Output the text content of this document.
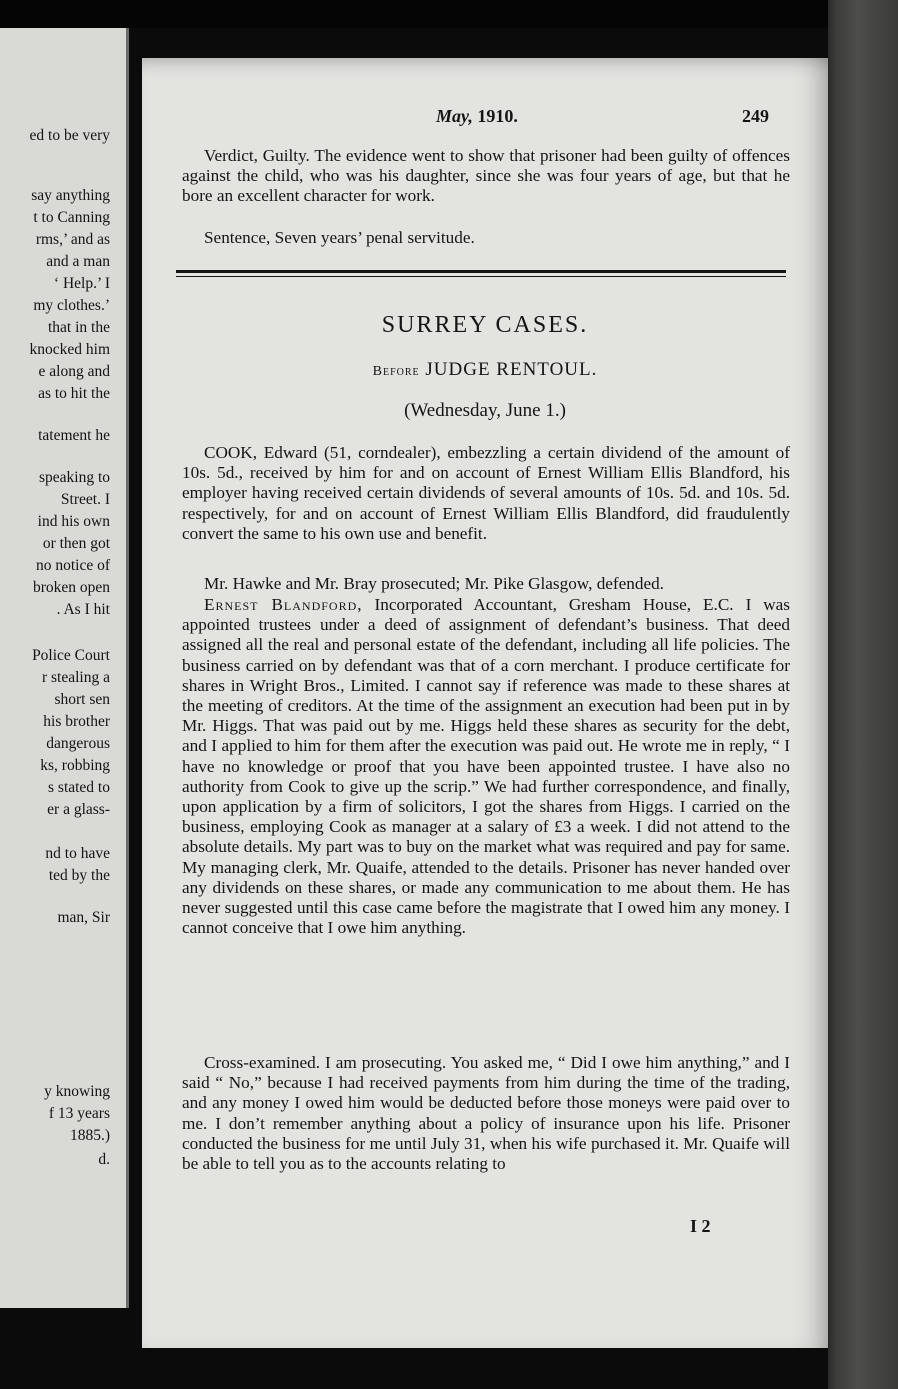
ed to be very
say anything
t to Canning
rms,’ and as
and a man
‘ Help.’ I
my clothes.’
that in the
knocked him
e along and
as to hit the
tatement he
speaking to
Street. I
ind his own
or then got
no notice of
broken open
. As I hit
Police Court
r stealing a
short sen
his brother
dangerous
ks, robbing
s stated to
er a glass-
nd to have
ted by the
man, Sir
y knowing
f 13 years
1885.)
d.
May, 1910.	249

Verdict, Guilty. The evidence went to show that prisoner had been guilty of offences against the child, who was his daughter, since she was four years of age, but that he bore an excellent character for work.

Sentence, Seven years’ penal servitude.

SURREY CASES.
Before JUDGE RENTOUL.
(Wednesday, June 1.)

COOK, Edward (51, corndealer), embezzling a certain dividend of the amount of 10s. 5d., received by him for and on account of Ernest William Ellis Blandford, his employer having received certain dividends of several amounts of 10s. 5d. and 10s. 5d. respectively, for and on account of Ernest William Ellis Blandford, did fraudulently convert the same to his own use and benefit.

Mr. Hawke and Mr. Bray prosecuted; Mr. Pike Glasgow, defended.

Ernest Blandford, Incorporated Accountant, Gresham House, E.C. I was appointed trustees under a deed of assignment of defendant’s business. That deed assigned all the real and personal estate of the defendant, including all life policies. The business carried on by defendant was that of a corn merchant. I produce certificate for shares in Wright Bros., Limited. I cannot say if reference was made to these shares at the meeting of creditors. At the time of the assignment an execution had been put in by Mr. Higgs. That was paid out by me. Higgs held these shares as security for the debt, and I applied to him for them after the execution was paid out. He wrote me in reply, “ I have no knowledge or proof that you have been appointed trustee. I have also no authority from Cook to give up the scrip.” We had further correspondence, and finally, upon application by a firm of solicitors, I got the shares from Higgs. I carried on the business, employing Cook as manager at a salary of £3 a week. I did not attend to the absolute details. My part was to buy on the market what was required and pay for same. My managing clerk, Mr. Quaife, attended to the details. Prisoner has never handed over any dividends on these shares, or made any communication to me about them. He has never suggested until this case came before the magistrate that I owed him any money. I cannot conceive that I owe him anything.

Cross-examined. I am prosecuting. You asked me, “ Did I owe him anything,” and I said “ No,” because I had received payments from him during the time of the trading, and any money I owed him would be deducted before those moneys were paid over to me. I don’t remember anything about a policy of insurance upon his life. Prisoner conducted the business for me until July 31, when his wife purchased it. Mr. Quaife will be able to tell you as to the accounts relating to

I 2
